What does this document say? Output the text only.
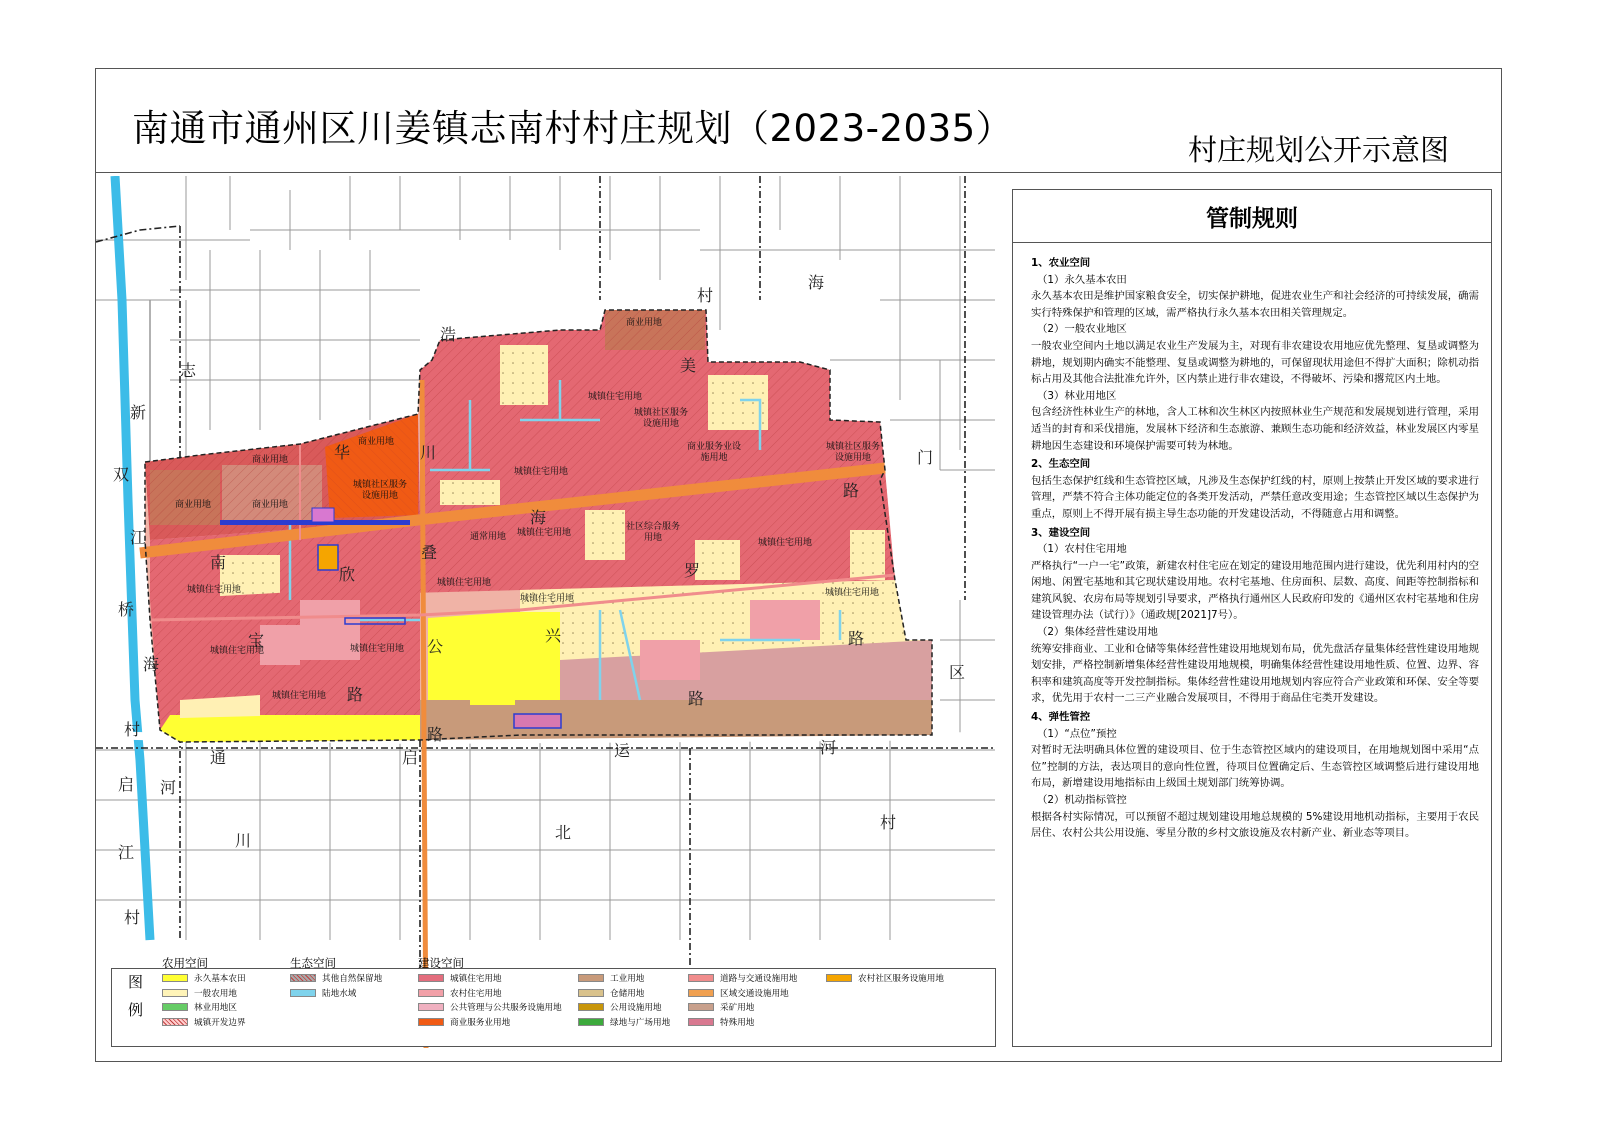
南通市通州区川姜镇志南村村庄规划（2023-2035）	村庄规划公开示意图
志
新
双
江
桥
海
村
启
江
村
浩
村
海
门
区
河
村
川	北
美
川
华
海
南
欣
叠
罗
兴
宝	公
路
路
路	路
路
通	启	运
河
商业用地
商业用地
商业用地
商业用地	商业用地
城镇住宅用地
城镇社区服务设施用地
城镇社区服务设施用地
城镇住宅用地
商业服务业设施用地
城镇社区服务设施用地
通常用地	城镇住宅用地
社区综合服务用地	城镇住宅用地
城镇住宅用地
城镇住宅用地
城镇住宅用地
城镇住宅用地
城镇住宅用地	城镇住宅用地
城镇住宅用地
管制规则
1、农业空间
（1）永久基本农田

永久基本农田是维护国家粮食安全，切实保护耕地，促进农业生产和社会经济的可持续发展，确需实行特殊保护和管理的区域，需严格执行永久基本农田相关管理规定。

（2）一般农业地区

一般农业空间内土地以满足农业生产发展为主，对现有非农建设农用地应优先整理、复垦或调整为耕地，规划期内确实不能整理、复垦或调整为耕地的，可保留现状用途但不得扩大面积；除机动指标占用及其他合法批准允许外，区内禁止进行非农建设，不得破坏、污染和撂荒区内土地。

（3）林业用地区

包含经济性林业生产的林地，含人工林和次生林区内按照林业生产规范和发展规划进行管理，采用适当的封育和采伐措施，发展林下经济和生态旅游、兼顾生态功能和经济效益，林业发展区内零星耕地因生态建设和环境保护需要可转为林地。

2、生态空间

包括生态保护红线和生态管控区域，凡涉及生态保护红线的村，原则上按禁止开发区域的要求进行管理，严禁不符合主体功能定位的各类开发活动，严禁任意改变用途；生态管控区域以生态保护为重点，原则上不得开展有损主导生态功能的开发建设活动，不得随意占用和调整。

3、建设空间
（1）农村住宅用地

严格执行“一户一宅”政策，新建农村住宅应在划定的建设用地范围内进行建设，优先利用村内的空闲地、闲置宅基地和其它现状建设用地。农村宅基地、住房面积、层数、高度、间距等控制指标和建筑风貌、农房布局等规划引导要求，严格执行通州区人民政府印发的《通州区农村宅基地和住房建设管理办法（试行）》（通政规[2021]7号）。

（2）集体经营性建设用地

统筹安排商业、工业和仓储等集体经营性建设用地规划布局，优先盘活存量集体经营性建设用地规划安排，严格控制新增集体经营性建设用地规模，明确集体经营性建设用地性质、位置、边界、容积率和建筑高度等开发控制指标。集体经营性建设用地规划内容应符合产业政策和环保、安全等要求，优先用于农村一二三产业融合发展项目，不得用于商品住宅类开发建设。

4、弹性管控
（1）“点位”预控

对暂时无法明确具体位置的建设项目、位于生态管控区域内的建设项目，在用地规划图中采用“点位”控制的方法，表达项目的意向性位置，待项目位置确定后、生态管控区域调整后进行建设用地布局，新增建设用地指标由上级国土规划部门统筹协调。

（2）机动指标管控

根据各村实际情况，可以预留不超过规划建设用地总规模的 5%建设用地机动指标，主要用于农民居住、农村公共公用设施、零星分散的乡村文旅设施及农村新产业、新业态等项目。

图
例
农用空间	生态空间	建设空间
永久基本农田
一般农用地
林业用地区
城镇开发边界
其他自然保留地
陆地水域
城镇住宅用地
农村住宅用地
公共管理与公共服务设施用地
商业服务业用地
工业用地
仓储用地
公用设施用地
绿地与广场用地
道路与交通设施用地
区域交通设施用地
采矿用地
特殊用地
农村社区服务设施用地
